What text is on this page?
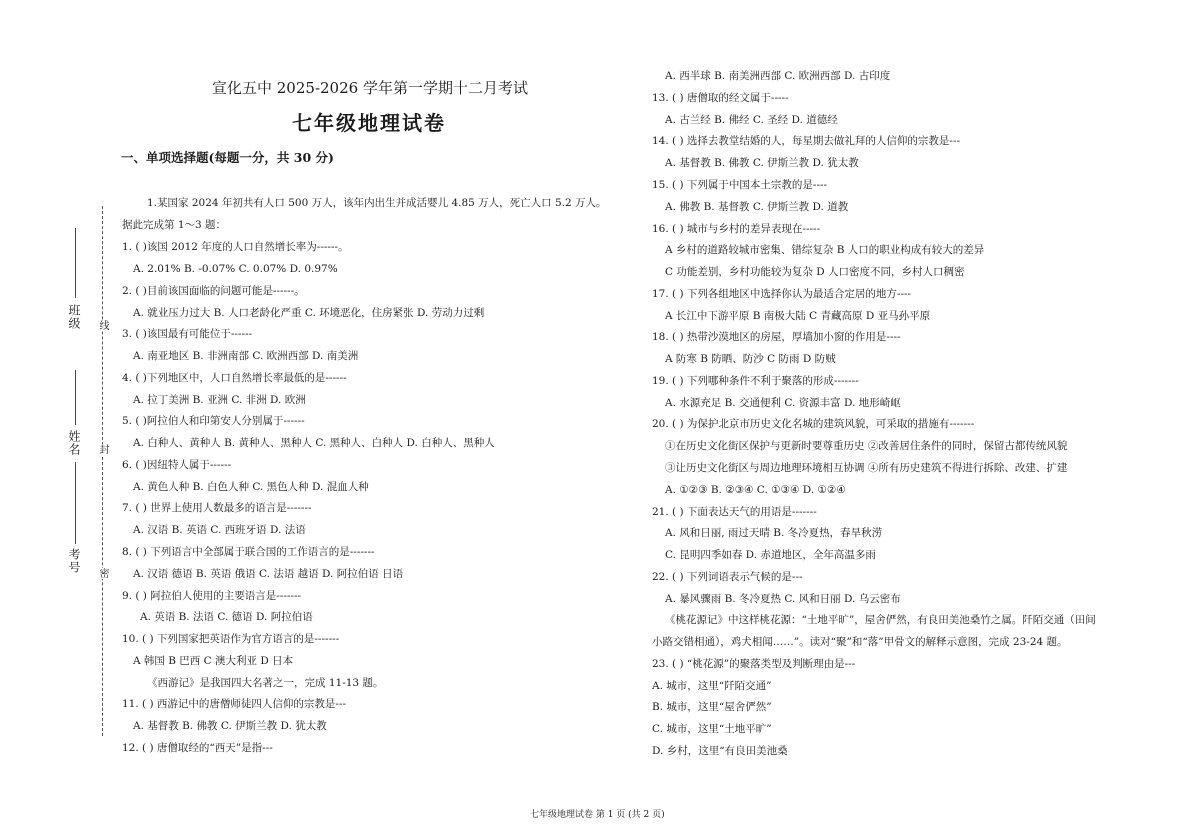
宣化五中 2025-2026 学年第一学期十二月考试
七年级地理试卷
一、单项选择题(每题一分，共 30 分)
班级
姓名
考号
线
封
密
1.某国家 2024 年初共有人口 500 万人，该年内出生并成活婴儿 4.85 万人，死亡人口 5.2 万人。
据此完成第 1～3 题：
1. ( )该国 2012 年度的人口自然增长率为------。
A. 2.01% B. -0.07% C. 0.07% D. 0.97%
2. ( )目前该国面临的问题可能是------。
A. 就业压力过大 B. 人口老龄化严重 C. 环境恶化，住房紧张 D. 劳动力过剩
3. ( )该国最有可能位于------
A. 南亚地区 B. 非洲南部 C. 欧洲西部 D. 南美洲
4. ( )下列地区中，人口自然增长率最低的是------
A. 拉丁美洲 B. 亚洲 C. 非洲 D. 欧洲
5. ( )阿拉伯人和印第安人分别属于------
A. 白种人、黄种人 B. 黄种人、黑种人 C. 黑种人、白种人 D. 白种人、黑种人
6. ( )因纽特人属于------
A. 黄色人种 B. 白色人种 C. 黑色人种 D. 混血人种
7. ( ) 世界上使用人数最多的语言是-------
A. 汉语 B. 英语 C. 西班牙语 D. 法语
8. ( ) 下列语言中全部属于联合国的工作语言的是-------
A. 汉语 德语 B. 英语 俄语 C. 法语 越语 D. 阿拉伯语 日语
9. ( ) 阿拉伯人使用的主要语言是-------
A. 英语 B. 法语 C. 德语 D. 阿拉伯语
10. ( ) 下列国家把英语作为官方语言的是-------
A 韩国 B 巴西 C 澳大利亚 D 日本
《西游记》是我国四大名著之一，完成 11-13 题。
11. ( ) 西游记中的唐僧师徒四人信仰的宗教是---
A. 基督教 B. 佛教 C. 伊斯兰教 D. 犹太教
12. ( ) 唐僧取经的“西天”是指---
A. 西半球 B. 南美洲西部 C. 欧洲西部 D. 古印度
13. ( ) 唐僧取的经文属于-----
A. 古兰经 B. 佛经 C. 圣经 D. 道德经
14. ( ) 选择去教堂结婚的人，每星期去做礼拜的人信仰的宗教是---
A. 基督教 B. 佛教 C. 伊斯兰教 D. 犹太教
15. ( ) 下列属于中国本土宗教的是----
A. 佛教 B. 基督教 C. 伊斯兰教 D. 道教
16. ( ) 城市与乡村的差异表现在-----
A 乡村的道路较城市密集、错综复杂 B 人口的职业构成有较大的差异
C 功能差别，乡村功能较为复杂 D 人口密度不同，乡村人口稠密
17. ( ) 下列各组地区中选择你认为最适合定居的地方----
A 长江中下游平原 B 南极大陆 C 青藏高原 D 亚马孙平原
18. ( ) 热带沙漠地区的房屋，厚墙加小窗的作用是----
A 防寒 B 防晒、防沙 C 防雨 D 防贼
19. ( ) 下列哪种条件不利于聚落的形成-------
A. 水源充足 B. 交通便利 C. 资源丰富 D. 地形崎岖
20. ( ) 为保护北京市历史文化名城的建筑风貌，可采取的措施有-------
①在历史文化街区保护与更新时要尊重历史 ②改善居住条件的同时，保留古都传统风貌
③让历史文化街区与周边地理环境相互协调 ④所有历史建筑不得进行拆除、改建、扩建
A. ①②③ B. ②③④ C. ①③④ D. ①②④
21. ( ) 下面表达天气的用语是-------
A. 风和日丽, 雨过天晴 B. 冬冷夏热，春旱秋涝
C. 昆明四季如春 D. 赤道地区，全年高温多雨
22. ( ) 下列词语表示气候的是---
A. 暴风骤雨 B. 冬冷夏热 C. 风和日丽 D. 乌云密布
《桃花源记》中这样桃花源：“土地平旷”，屋舍俨然，有良田美池桑竹之属。阡陌交通（田间
小路交错相通），鸡犬相闻……”。读对“聚”和“落”甲骨文的解释示意图，完成 23-24 题。
23. ( ) “桃花源”的聚落类型及判断理由是---
A. 城市，这里“阡陌交通”
B. 城市，这里“屋舍俨然”
C. 城市，这里“土地平旷”
D. 乡村，这里“有良田美池桑
七年级地理试卷 第 1 页 (共 2 页)
